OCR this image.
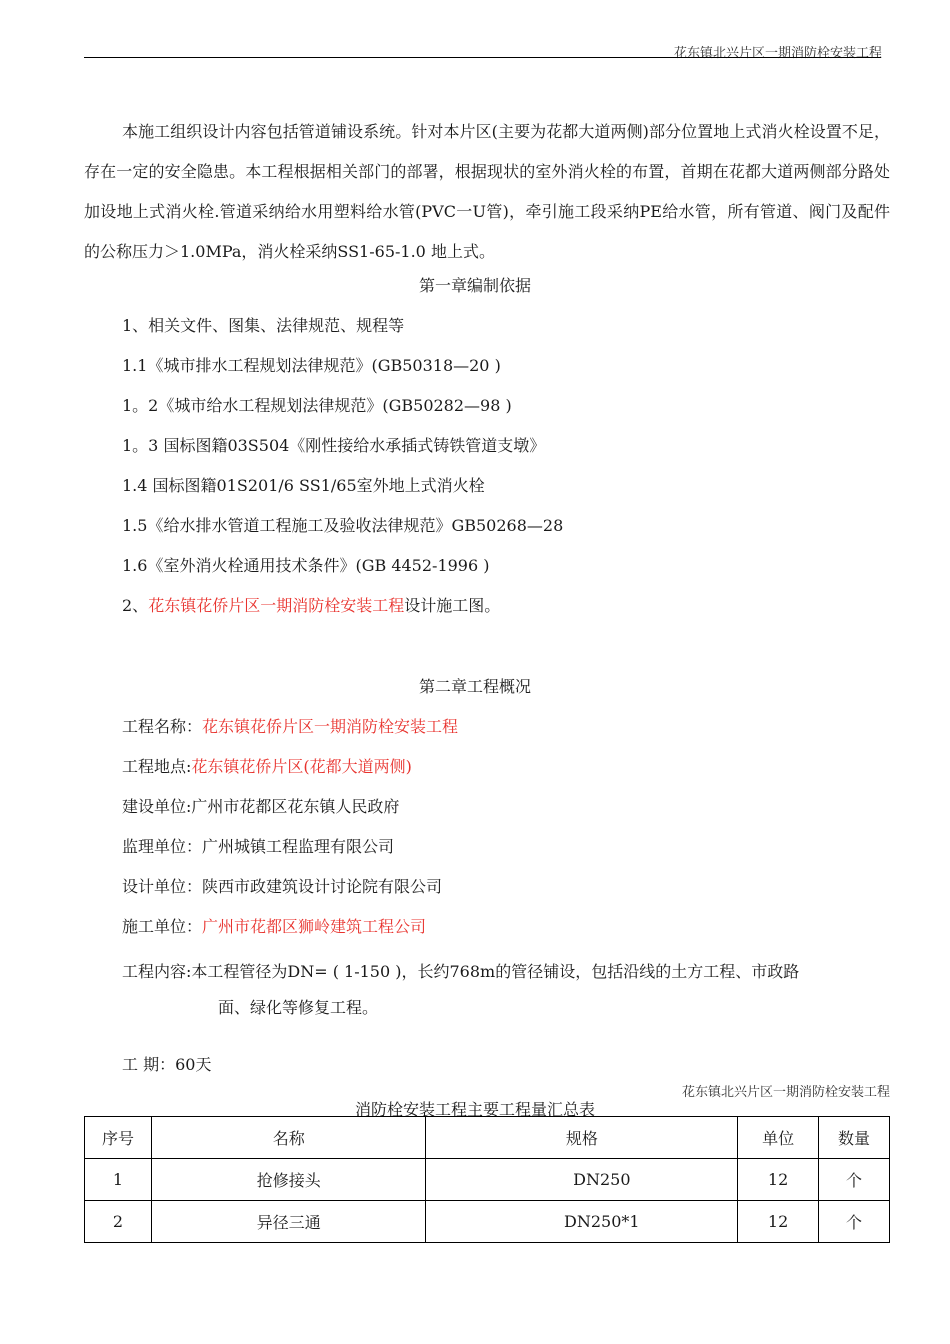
花东镇北兴片区一期消防栓安装工程

本施工组织设计内容包括管道铺设系统。针对本片区(主要为花都大道两侧)部分位置地上式消火栓设置不足，存在一定的安全隐患。本工程根据相关部门的部署，根据现状的室外消火栓的布置，首期在花都大道两侧部分路处加设地上式消火栓.管道采纳给水用塑料给水管(PVC一U管)，牵引施工段采纳PE给水管，所有管道、阀门及配件的公称压力＞1.0MPa，消火栓采纳SS1-65-1.0 地上式。

第一章编制依据

1、相关文件、图集、法律规范、规程等

1.1《城市排水工程规划法律规范》(GB50318—20 )

1。2《城市给水工程规划法律规范》(GB50282—98 )

1。3 国标图籍03S504《刚性接给水承插式铸铁管道支墩》

1.4 国标图籍01S201/6 SS1/65室外地上式消火栓

1.5《给水排水管道工程施工及验收法律规范》GB50268—28

1.6《室外消火栓通用技术条件》(GB 4452-1996 )

2、花东镇花侨片区一期消防栓安装工程设计施工图。

第二章工程概况

工程名称：花东镇花侨片区一期消防栓安装工程

工程地点:花东镇花侨片区(花都大道两侧)

建设单位:广州市花都区花东镇人民政府

监理单位：广州城镇工程监理有限公司

设计单位：陕西市政建筑设计讨论院有限公司

施工单位：广州市花都区狮岭建筑工程公司

工程内容:本工程管径为DN= ( 1-150 )，长约768m的管径铺设，包括沿线的土方工程、市政路
面、绿化等修复工程。

工 期：60天

花东镇北兴片区一期消防栓安装工程
消防栓安装工程主要工程量汇总表
序号	名称	规格	单位	数量
1	抢修接头	DN250	12	个
2	异径三通	DN250*1	12	个
